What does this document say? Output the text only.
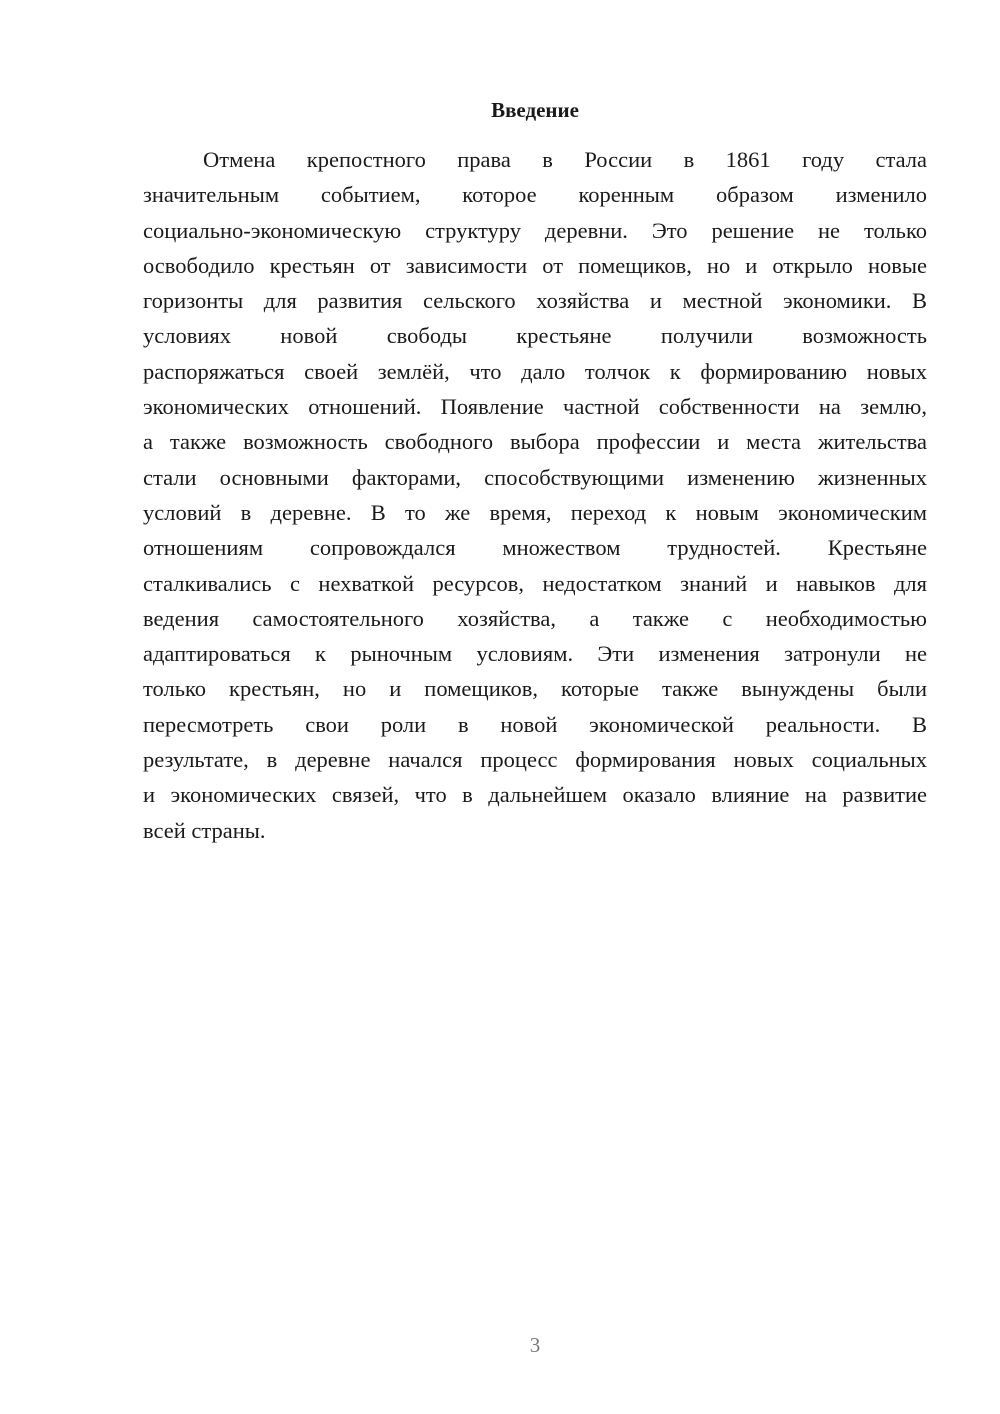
Введение
Отмена крепостного права в России в 1861 году стала
значительным событием, которое коренным образом изменило
социально-экономическую структуру деревни. Это решение не только
освободило крестьян от зависимости от помещиков, но и открыло новые
горизонты для развития сельского хозяйства и местной экономики. В
условиях новой свободы крестьяне получили возможность
распоряжаться своей землёй, что дало толчок к формированию новых
экономических отношений. Появление частной собственности на землю,
а также возможность свободного выбора профессии и места жительства
стали основными факторами, способствующими изменению жизненных
условий в деревне. В то же время, переход к новым экономическим
отношениям сопровождался множеством трудностей. Крестьяне
сталкивались с нехваткой ресурсов, недостатком знаний и навыков для
ведения самостоятельного хозяйства, а также с необходимостью
адаптироваться к рыночным условиям. Эти изменения затронули не
только крестьян, но и помещиков, которые также вынуждены были
пересмотреть свои роли в новой экономической реальности. В
результате, в деревне начался процесс формирования новых социальных
и экономических связей, что в дальнейшем оказало влияние на развитие
всей страны.
3
